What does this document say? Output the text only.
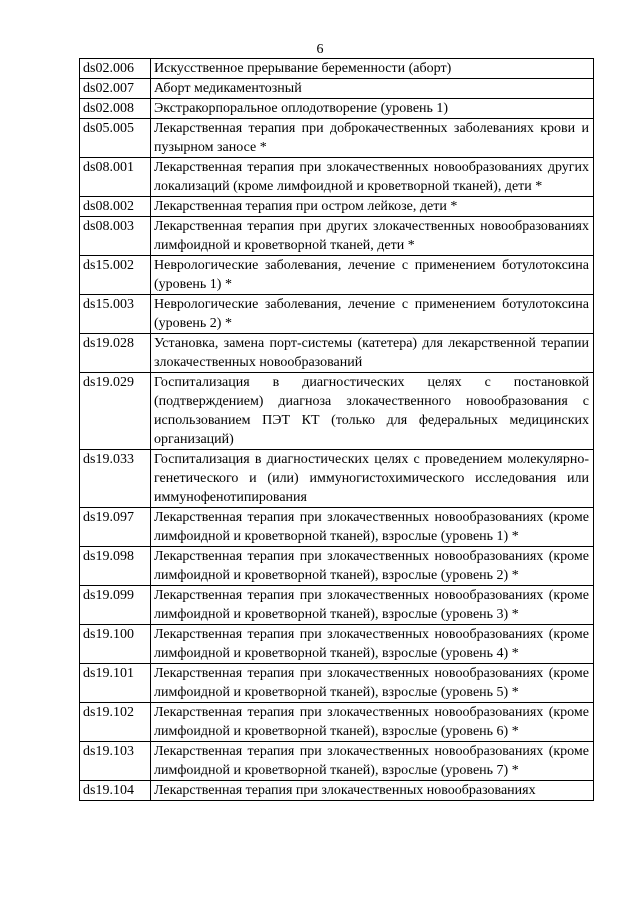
6
ds02.006	Искусственное прерывание беременности (аборт)
ds02.007	Аборт медикаментозный
ds02.008	Экстракорпоральное оплодотворение (уровень 1)
ds05.005	Лекарственная терапия при доброкачественных заболеваниях крови и пузырном заносе *
ds08.001	Лекарственная терапия при злокачественных новообразованиях других локализаций (кроме лимфоидной и кроветворной тканей), дети *
ds08.002	Лекарственная терапия при остром лейкозе, дети *
ds08.003	Лекарственная терапия при других злокачественных новообразованиях лимфоидной и кроветворной тканей, дети *
ds15.002	Неврологические заболевания, лечение с применением ботулотоксина (уровень 1) *
ds15.003	Неврологические заболевания, лечение с применением ботулотоксина (уровень 2) *
ds19.028	Установка, замена порт-системы (катетера) для лекарственной терапии злокачественных новообразований
ds19.029	Госпитализация в диагностических целях с постановкой (подтверждением) диагноза злокачественного новообразования с использованием ПЭТ КТ (только для федеральных медицинских организаций)
ds19.033	Госпитализация в диагностических целях с проведением молекулярно-генетического и (или) иммуногистохимического исследования или иммунофенотипирования
ds19.097	Лекарственная терапия при злокачественных новообразованиях (кроме лимфоидной и кроветворной тканей), взрослые (уровень 1) *
ds19.098	Лекарственная терапия при злокачественных новообразованиях (кроме лимфоидной и кроветворной тканей), взрослые (уровень 2) *
ds19.099	Лекарственная терапия при злокачественных новообразованиях (кроме лимфоидной и кроветворной тканей), взрослые (уровень 3) *
ds19.100	Лекарственная терапия при злокачественных новообразованиях (кроме лимфоидной и кроветворной тканей), взрослые (уровень 4) *
ds19.101	Лекарственная терапия при злокачественных новообразованиях (кроме лимфоидной и кроветворной тканей), взрослые (уровень 5) *
ds19.102	Лекарственная терапия при злокачественных новообразованиях (кроме лимфоидной и кроветворной тканей), взрослые (уровень 6) *
ds19.103	Лекарственная терапия при злокачественных новообразованиях (кроме лимфоидной и кроветворной тканей), взрослые (уровень 7) *
ds19.104	Лекарственная терапия при злокачественных новообразованиях
